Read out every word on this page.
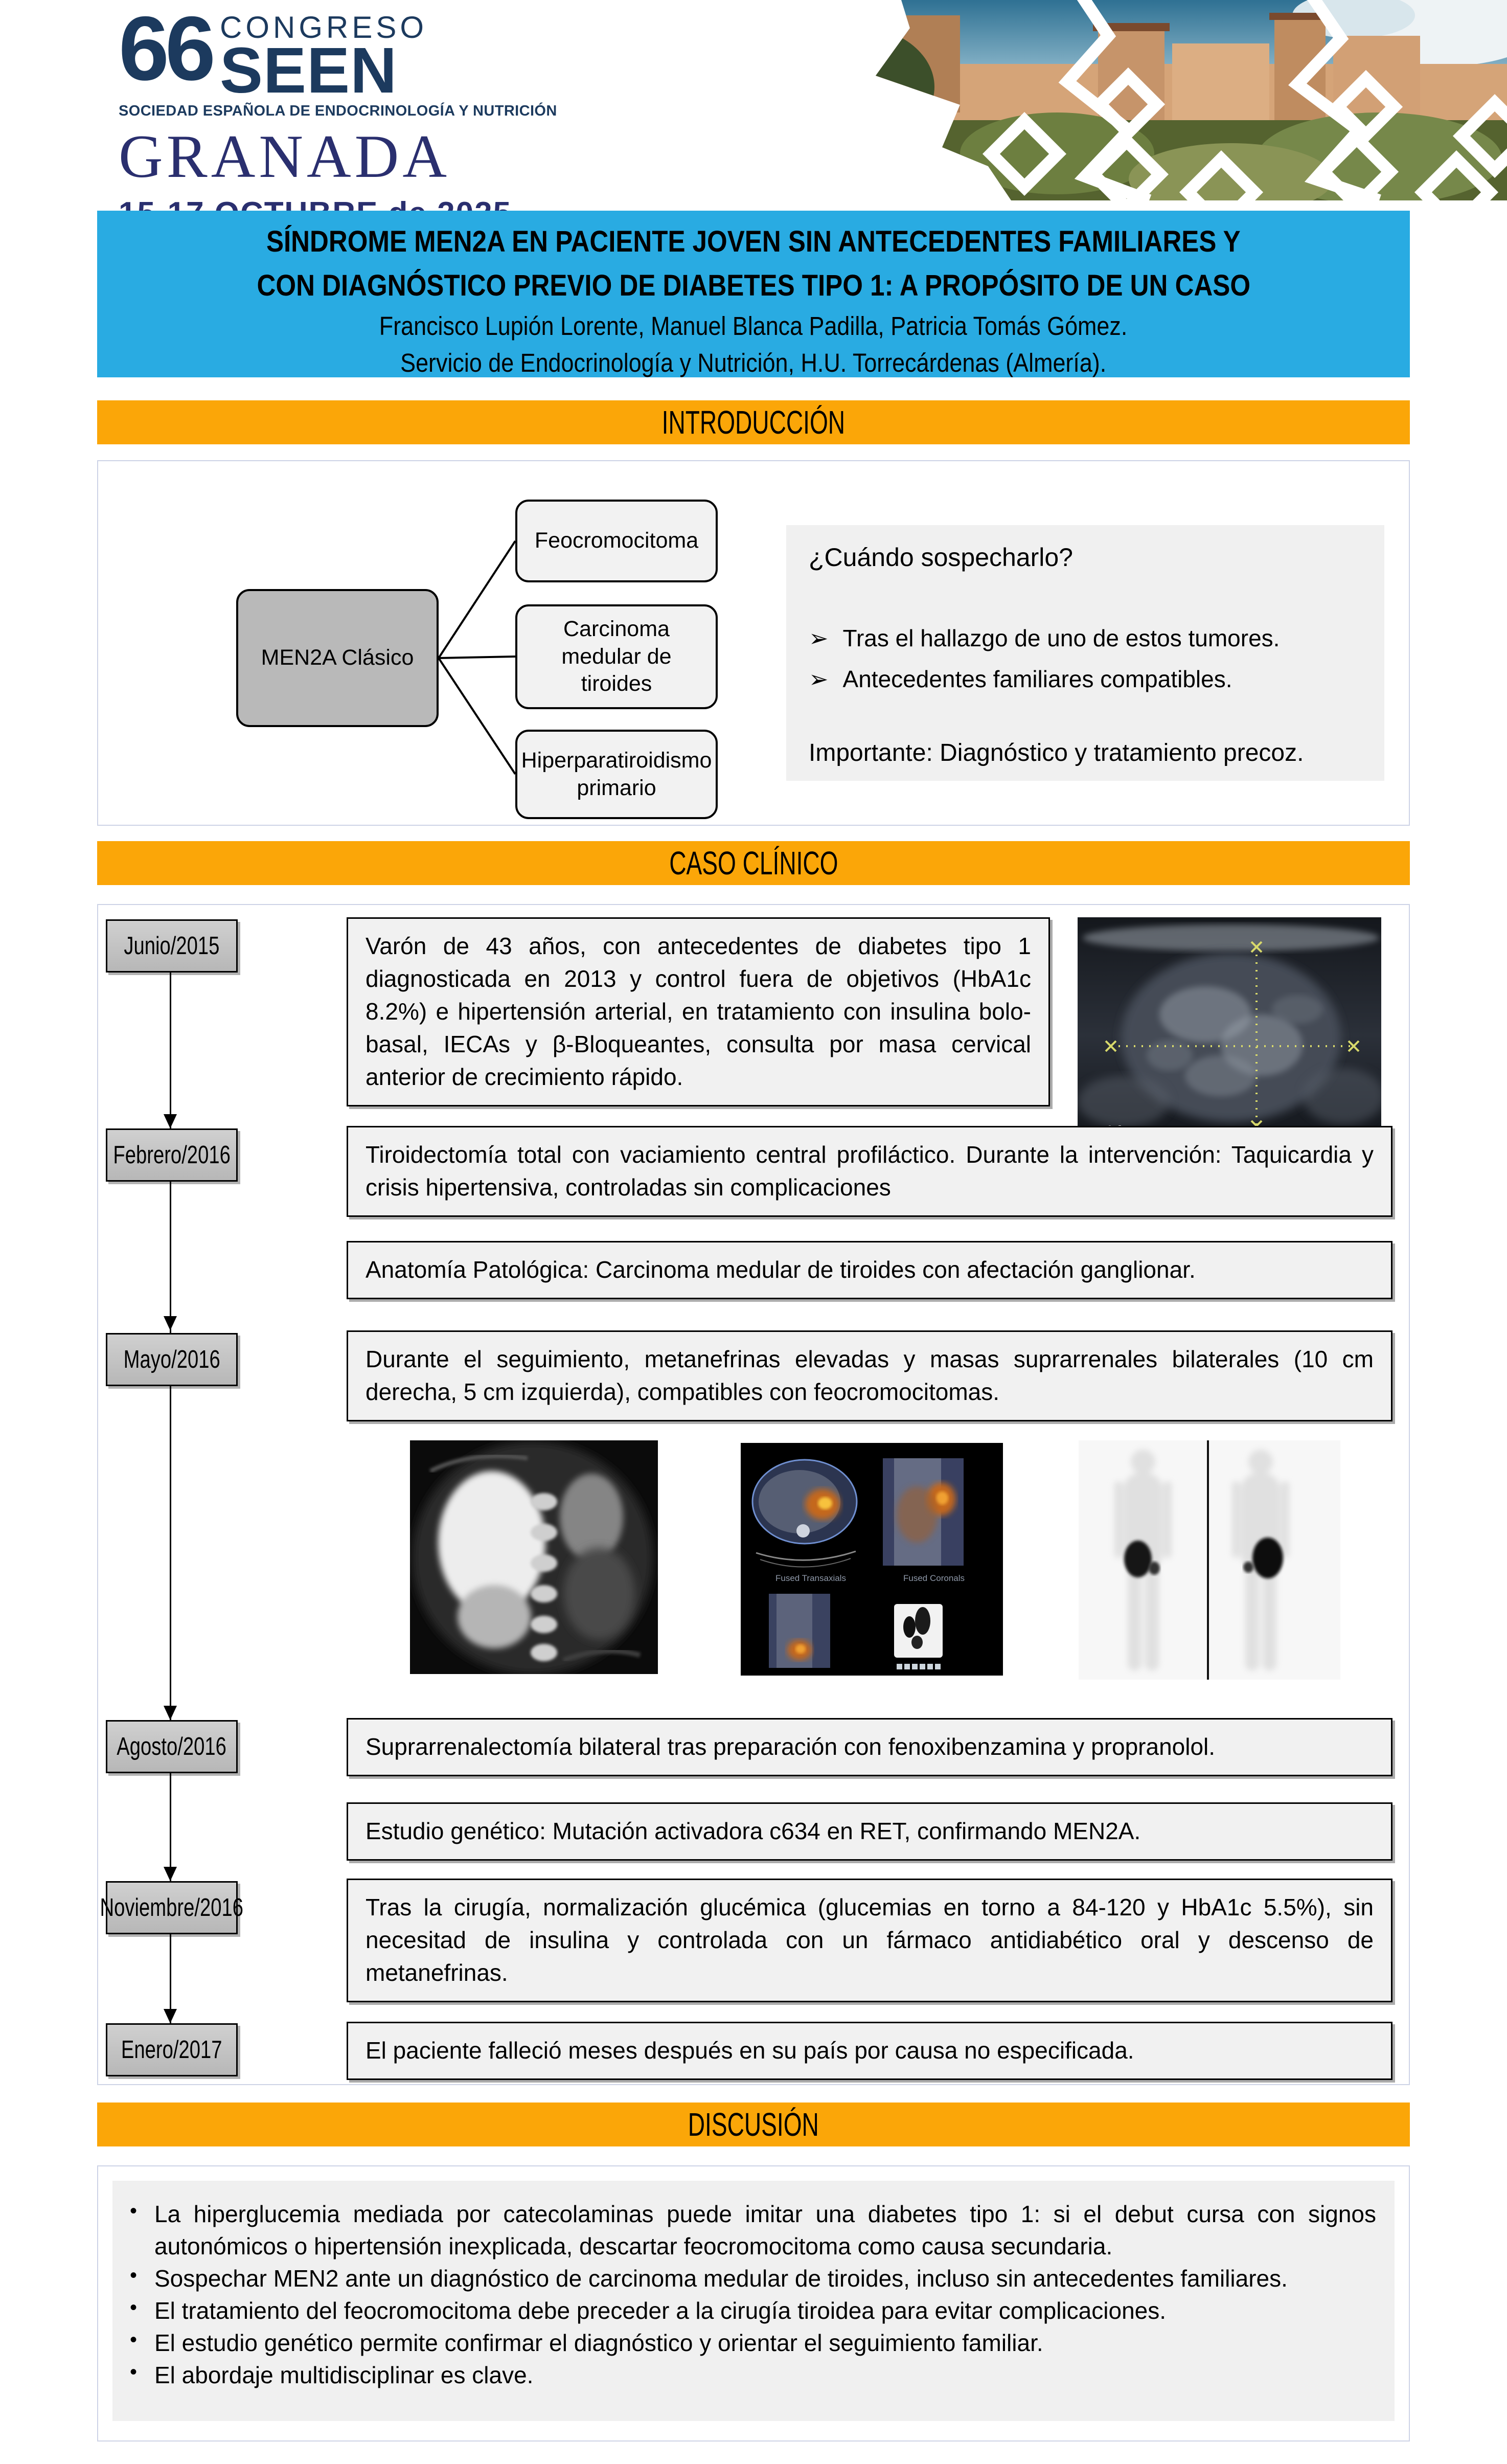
66 CONGRESO
SEEN
SOCIEDAD ESPAÑOLA DE ENDOCRINOLOGÍA Y NUTRICIÓN
GRANADA
SÍNDROME MEN2A EN PACIENTE JOVEN SIN ANTECEDENTES FAMILIARES Y
CON DIAGNÓSTICO PREVIO DE DIABETES TIPO 1: A PROPÓSITO DE UN CASO
Francisco Lupión Lorente, Manuel Blanca Padilla, Patricia Tomás Gómez.
Servicio de Endocrinología y Nutrición, H.U. Torrecárdenas (Almería).
INTRODUCCIÓN
MEN2A Clásico
Feocromocitoma
Carcinoma medular de tiroides
Hiperparatiroidismo primario
¿Cuándo sospecharlo?
➢ Tras el hallazgo de uno de estos tumores.
➢ Antecedentes familiares compatibles.
Importante: Diagnóstico y tratamiento precoz.
CASO CLÍNICO
Junio/2015	Varón de 43 años, con antecedentes de diabetes tipo 1 diagnosticada en 2013 y control fuera de objetivos (HbA1c 8.2%) e hipertensión arterial, en tratamiento con insulina bolo-basal, IECAs y β-Bloqueantes, consulta por masa cervical anterior de crecimiento rápido.
Febrero/2016	Tiroidectomía total con vaciamiento central profiláctico. Durante la intervención: Taquicardia y crisis hipertensiva, controladas sin complicaciones
Anatomía Patológica: Carcinoma medular de tiroides con afectación ganglionar.
Mayo/2016	Durante el seguimiento, metanefrinas elevadas y masas suprarrenales bilaterales (10 cm derecha, 5 cm izquierda), compatibles con feocromocitomas.
Fused Transaxials	Fused Coronals
Agosto/2016	Suprarrenalectomía bilateral tras preparación con fenoxibenzamina y propranolol.
Estudio genético: Mutación activadora c634 en RET, confirmando MEN2A.
Noviembre/2016	Tras la cirugía, normalización glucémica (glucemias en torno a 84-120 y HbA1c 5.5%), sin necesitad de insulina y controlada con un fármaco antidiabético oral y descenso de metanefrinas.
Enero/2017	El paciente falleció meses después en su país por causa no especificada.
DISCUSIÓN
• La hiperglucemia mediada por catecolaminas puede imitar una diabetes tipo 1: si el debut cursa con signos autonómicos o hipertensión inexplicada, descartar feocromocitoma como causa secundaria.
• Sospechar MEN2 ante un diagnóstico de carcinoma medular de tiroides, incluso sin antecedentes familiares.
• El tratamiento del feocromocitoma debe preceder a la cirugía tiroidea para evitar complicaciones.
• El estudio genético permite confirmar el diagnóstico y orientar el seguimiento familiar.
• El abordaje multidisciplinar es clave.
